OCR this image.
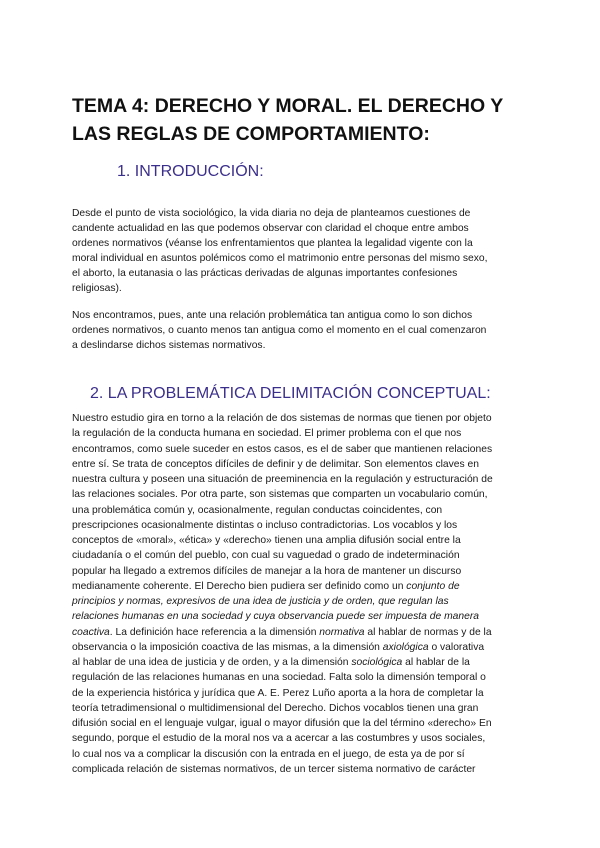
TEMA 4: DERECHO Y MORAL. EL DERECHO Y LAS REGLAS DE COMPORTAMIENTO:
1. INTRODUCCIÓN:

Desde el punto de vista sociológico, la vida diaria no deja de planteamos cuestiones de
candente actualidad en las que podemos observar con claridad el choque entre ambos
ordenes normativos (véanse los enfrentamientos que plantea la legalidad vigente con la
moral individual en asuntos polémicos como el matrimonio entre personas del mismo sexo,
el aborto, la eutanasia o las prácticas derivadas de algunas importantes confesiones
religiosas).

Nos encontramos, pues, ante una relación problemática tan antigua como lo son dichos
ordenes normativos, o cuanto menos tan antigua como el momento en el cual comenzaron
a deslindarse dichos sistemas normativos.

2. LA PROBLEMÁTICA DELIMITACIÓN CONCEPTUAL:

Nuestro estudio gira en torno a la relación de dos sistemas de normas que tienen por objeto
la regulación de la conducta humana en sociedad. El primer problema con el que nos
encontramos, como suele suceder en estos casos, es el de saber que mantienen relaciones
entre sí. Se trata de conceptos difíciles de definir y de delimitar. Son elementos claves en
nuestra cultura y poseen una situación de preeminencia en la regulación y estructuración de
las relaciones sociales. Por otra parte, son sistemas que comparten un vocabulario común,
una problemática común y, ocasionalmente, regulan conductas coincidentes, con
prescripciones ocasionalmente distintas o incluso contradictorias. Los vocablos y los
conceptos de «moral», «ética» y «derecho» tienen una amplia difusión social entre la
ciudadanía o el común del pueblo, con cual su vaguedad o grado de indeterminación
popular ha llegado a extremos difíciles de manejar a la hora de mantener un discurso
medianamente coherente. El Derecho bien pudiera ser definido como un conjunto de
principios y normas, expresivos de una idea de justicia y de orden, que regulan las
relaciones humanas en una sociedad y cuya observancia puede ser impuesta de manera
coactiva. La definición hace referencia a la dimensión normativa al hablar de normas y de la
observancia o la imposición coactiva de las mismas, a la dimensión axiológica o valorativa
al hablar de una idea de justicia y de orden, y a la dimensión sociológica al hablar de la
regulación de las relaciones humanas en una sociedad. Falta solo la dimensión temporal o
de la experiencia histórica y jurídica que A. E. Perez Luño aporta a la hora de completar la
teoría tetradimensional o multidimensional del Derecho. Dichos vocablos tienen una gran
difusión social en el lenguaje vulgar, igual o mayor difusión que la del término «derecho» En
segundo, porque el estudio de la moral nos va a acercar a las costumbres y usos sociales,
lo cual nos va a complicar la discusión con la entrada en el juego, de esta ya de por sí
complicada relación de sistemas normativos, de un tercer sistema normativo de carácter
